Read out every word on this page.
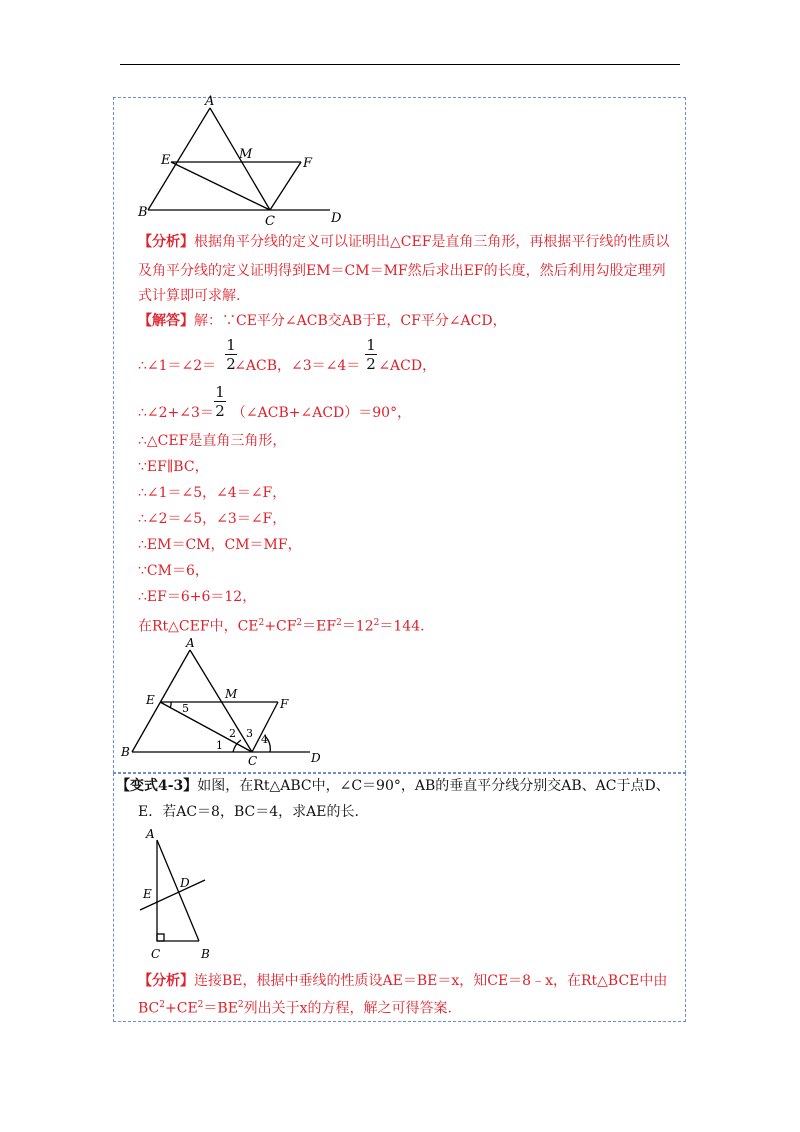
A
E	M
F
B
C	D
【分析】根据角平分线的定义可以证明出△CEF是直角三角形，再根据平行线的性质以
及角平分线的定义证明得到EM＝CM＝MF然后求出EF的长度，然后利用勾股定理列
式计算即可求解.
【解答】解：∵CE平分∠ACB交AB于E，CF平分∠ACD，
∴∠1＝∠2＝ ∠ACB，∠3＝∠4＝ ∠ACD，
1
2
1
2
∴∠2+∠3＝ （∠ACB+∠ACD）＝90°，
1
2
∴△CEF是直角三角形，
∵EF∥BC，
∴∠1＝∠5，∠4＝∠F，
∴∠2＝∠5，∠3＝∠F，
∴EM＝CM，CM＝MF，
∵CM＝6，
∴EF＝6+6＝12，
在Rt△CEF中，$CE^2+CF^2=EF^2=12^2=144$.
A
E	M
F
B
C	D
1
2 3 4
5
【变式4-3】如图，在Rt△ABC中，∠C＝90°，AB的垂直平分线分别交AB、AC于点D、
E．若AC＝8，BC＝4，求AE的长.
A
E
D
C	B
【分析】连接BE，根据中垂线的性质设AE＝BE＝x，知CE＝8﹣x，在Rt△BCE中由
$BC^2+CE^2=BE^2$列出关于x的方程，解之可得答案.
